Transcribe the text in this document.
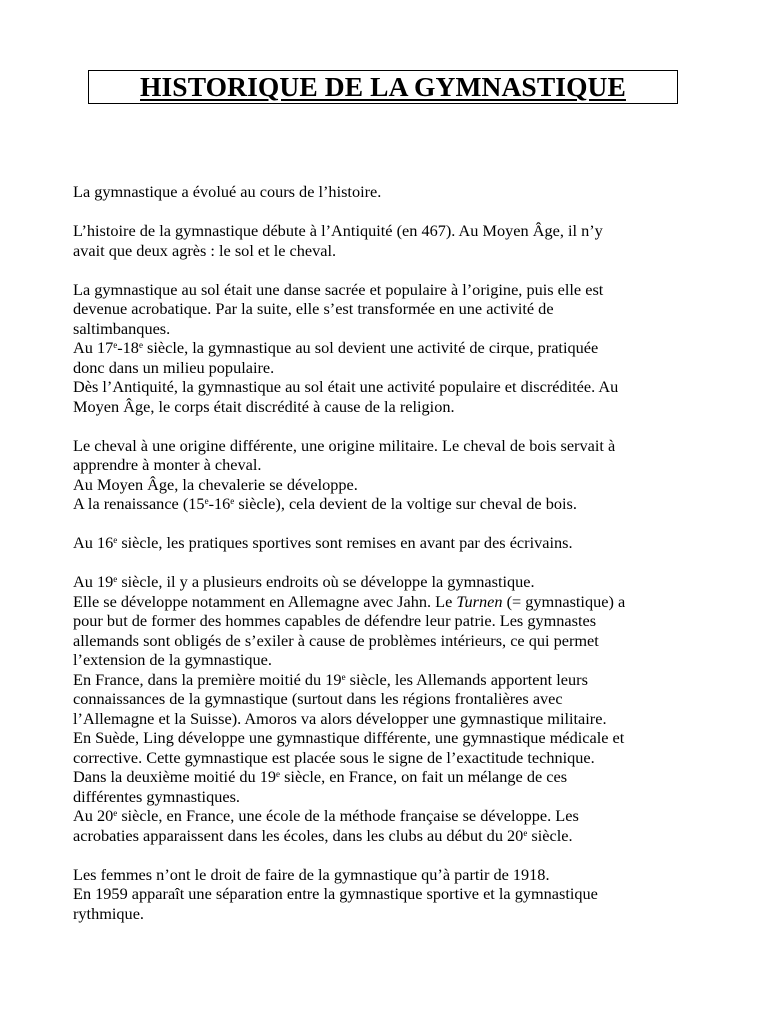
HISTORIQUE DE LA GYMNASTIQUE
La gymnastique a évolué au cours de l’histoire.
L’histoire de la gymnastique débute à l’Antiquité (en 467). Au Moyen Âge, il n’y
avait que deux agrès : le sol et le cheval.
La gymnastique au sol était une danse sacrée et populaire à l’origine, puis elle est
devenue acrobatique. Par la suite, elle s’est transformée en une activité de
saltimbanques.
Au 17e-18e siècle, la gymnastique au sol devient une activité de cirque, pratiquée
donc dans un milieu populaire.
Dès l’Antiquité, la gymnastique au sol était une activité populaire et discréditée. Au
Moyen Âge, le corps était discrédité à cause de la religion.
Le cheval à une origine différente, une origine militaire. Le cheval de bois servait à
apprendre à monter à cheval.
Au Moyen Âge, la chevalerie se développe.
A la renaissance (15e-16e siècle), cela devient de la voltige sur cheval de bois.
Au 16e siècle, les pratiques sportives sont remises en avant par des écrivains.
Au 19e siècle, il y a plusieurs endroits où se développe la gymnastique.
Elle se développe notamment en Allemagne avec Jahn. Le Turnen (= gymnastique) a
pour but de former des hommes capables de défendre leur patrie. Les gymnastes
allemands sont obligés de s’exiler à cause de problèmes intérieurs, ce qui permet
l’extension de la gymnastique.
En France, dans la première moitié du 19e siècle, les Allemands apportent leurs
connaissances de la gymnastique (surtout dans les régions frontalières avec
l’Allemagne et la Suisse). Amoros va alors développer une gymnastique militaire.
En Suède, Ling développe une gymnastique différente, une gymnastique médicale et
corrective. Cette gymnastique est placée sous le signe de l’exactitude technique.
Dans la deuxième moitié du 19e siècle, en France, on fait un mélange de ces
différentes gymnastiques.
Au 20e siècle, en France, une école de la méthode française se développe. Les
acrobaties apparaissent dans les écoles, dans les clubs au début du 20e siècle.
Les femmes n’ont le droit de faire de la gymnastique qu’à partir de 1918.
En 1959 apparaît une séparation entre la gymnastique sportive et la gymnastique
rythmique.
